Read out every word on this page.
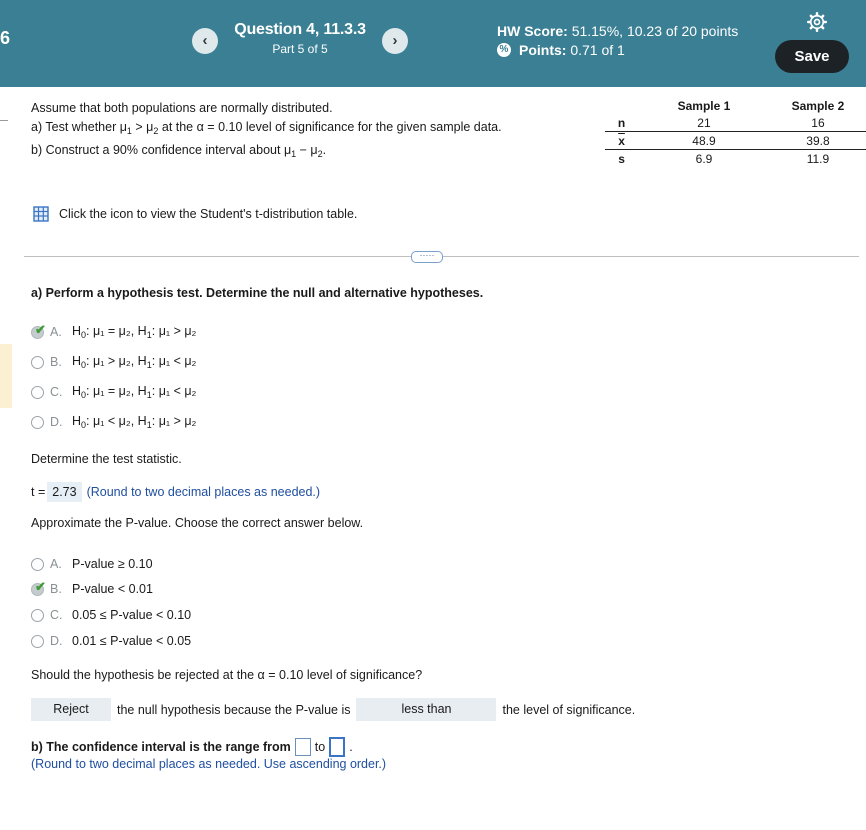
6	‹
Question 4, 11.3.3
Part 5 of 5	›
HW Score: 51.15%, 10.23 of 20 points
% Points:
0.71 of 1	Save
Assume that both populations are normally distributed.
a) Test whether $\mu_1 > \mu_2$ at the α = 0.10 level of significance for the given sample data.
b) Construct a 90% confidence interval about $\mu_1 - \mu_2$.
	Sample 1	Sample 2
n	21	16
$\overline{x}$	48.9	39.8
s	6.9	11.9
Click the icon to view the Student's t-distribution table.
·····
a) Perform a hypothesis test. Determine the null and alternative hypotheses.
✔ A. $H_0$: μ₁ = μ₂, $H_1$: μ₁ > μ₂
B. $H_0$: μ₁ > μ₂, $H_1$: μ₁ < μ₂
C. $H_0$: μ₁ = μ₂, $H_1$: μ₁ < μ₂
D. $H_0$: μ₁ < μ₂, $H_1$: μ₁ > μ₂
Determine the test statistic.
t = 2.73 (Round to two decimal places as needed.)
Approximate the P-value. Choose the correct answer below.
A. P-value ≥ 0.10
✔ B. P-value < 0.01
C. 0.05 ≤ P-value < 0.10
D. 0.01 ≤ P-value < 0.05
Should the hypothesis be rejected at the α = 0.10 level of significance?
Reject	the null hypothesis because the P-value is	less than	the level of significance.
b) The confidence interval is the range from to .
(Round to two decimal places as needed. Use ascending order.)
